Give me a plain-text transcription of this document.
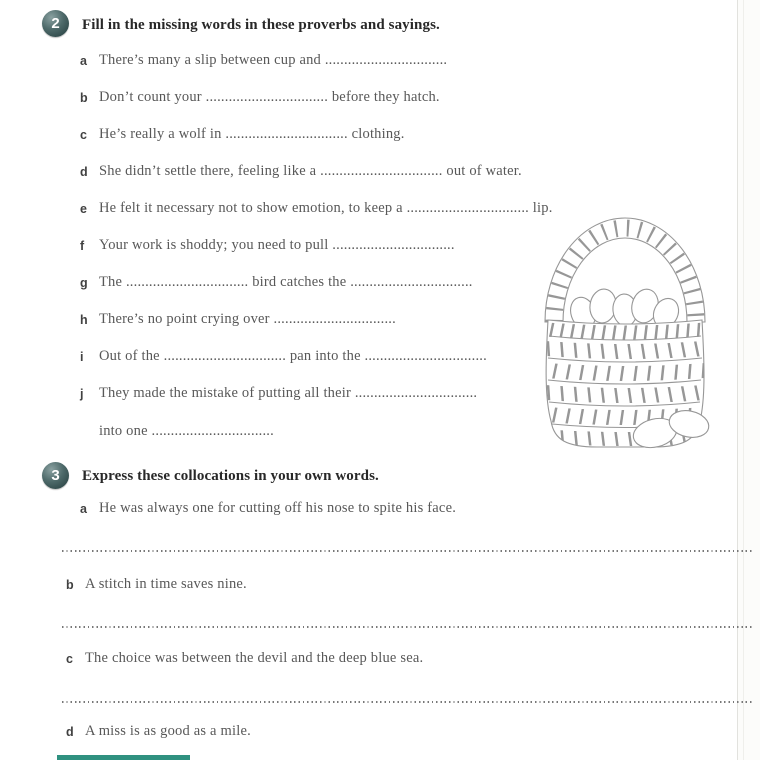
2 Fill in the missing words in these proverbs and sayings.
a There’s many a slip between cup and ................................
b Don’t count your ................................ before they hatch.
c He’s really a wolf in ................................ clothing.
d She didn’t settle there, feeling like a ................................ out of water.
e He felt it necessary not to show emotion, to keep a ................................ lip.
f Your work is shoddy; you need to pull ................................
g The ................................ bird catches the ................................
h There’s no point crying over ................................
i Out of the ................................ pan into the ................................
j They made the mistake of putting all their ................................
into one ................................
3 Express these collocations in your own words.
a He was always one for cutting off his nose to spite his face.
b A stitch in time saves nine.
c The choice was between the devil and the deep blue sea.
d A miss is as good as a mile.
